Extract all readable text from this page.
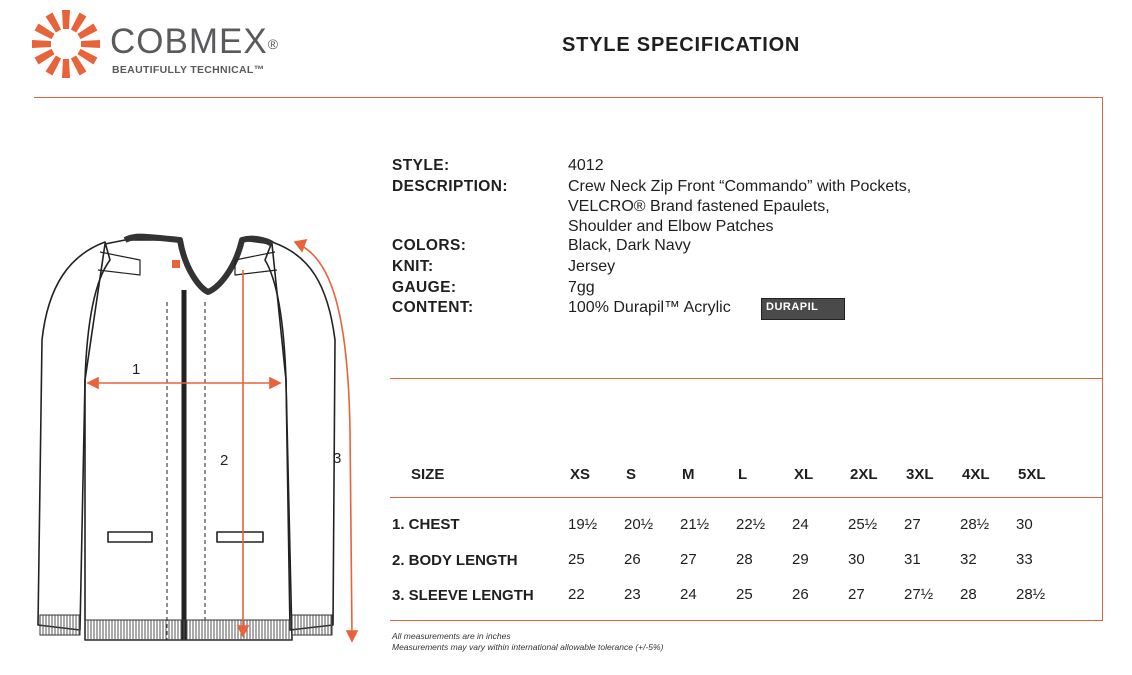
COBMEX®
BEAUTIFULLY TECHNICAL™
STYLE SPECIFICATION
STYLE:	4012
DESCRIPTION:	Crew Neck Zip Front “Commando” with Pockets,
VELCRO® Brand fastened Epaulets,
Shoulder and Elbow Patches
COLORS:	Black, Dark Navy
KNIT:	Jersey
GAUGE:	7gg
CONTENT:	100% Durapil™ Acrylic	DURAPIL
1
2	3
SIZE	XS S	M	L	XL 2XL 3XL 4XL 5XL
1. CHEST	19½ 20½ 21½ 22½ 24	25½ 27	28½ 30
2. BODY LENGTH	25	26	27	28	29	30	31	32	33
3. SLEEVE LENGTH 22	23	24	25	26	27	27½ 28	28½
All measurements are in inches
Measurements may vary within international allowable tolerance (+/-5%)
